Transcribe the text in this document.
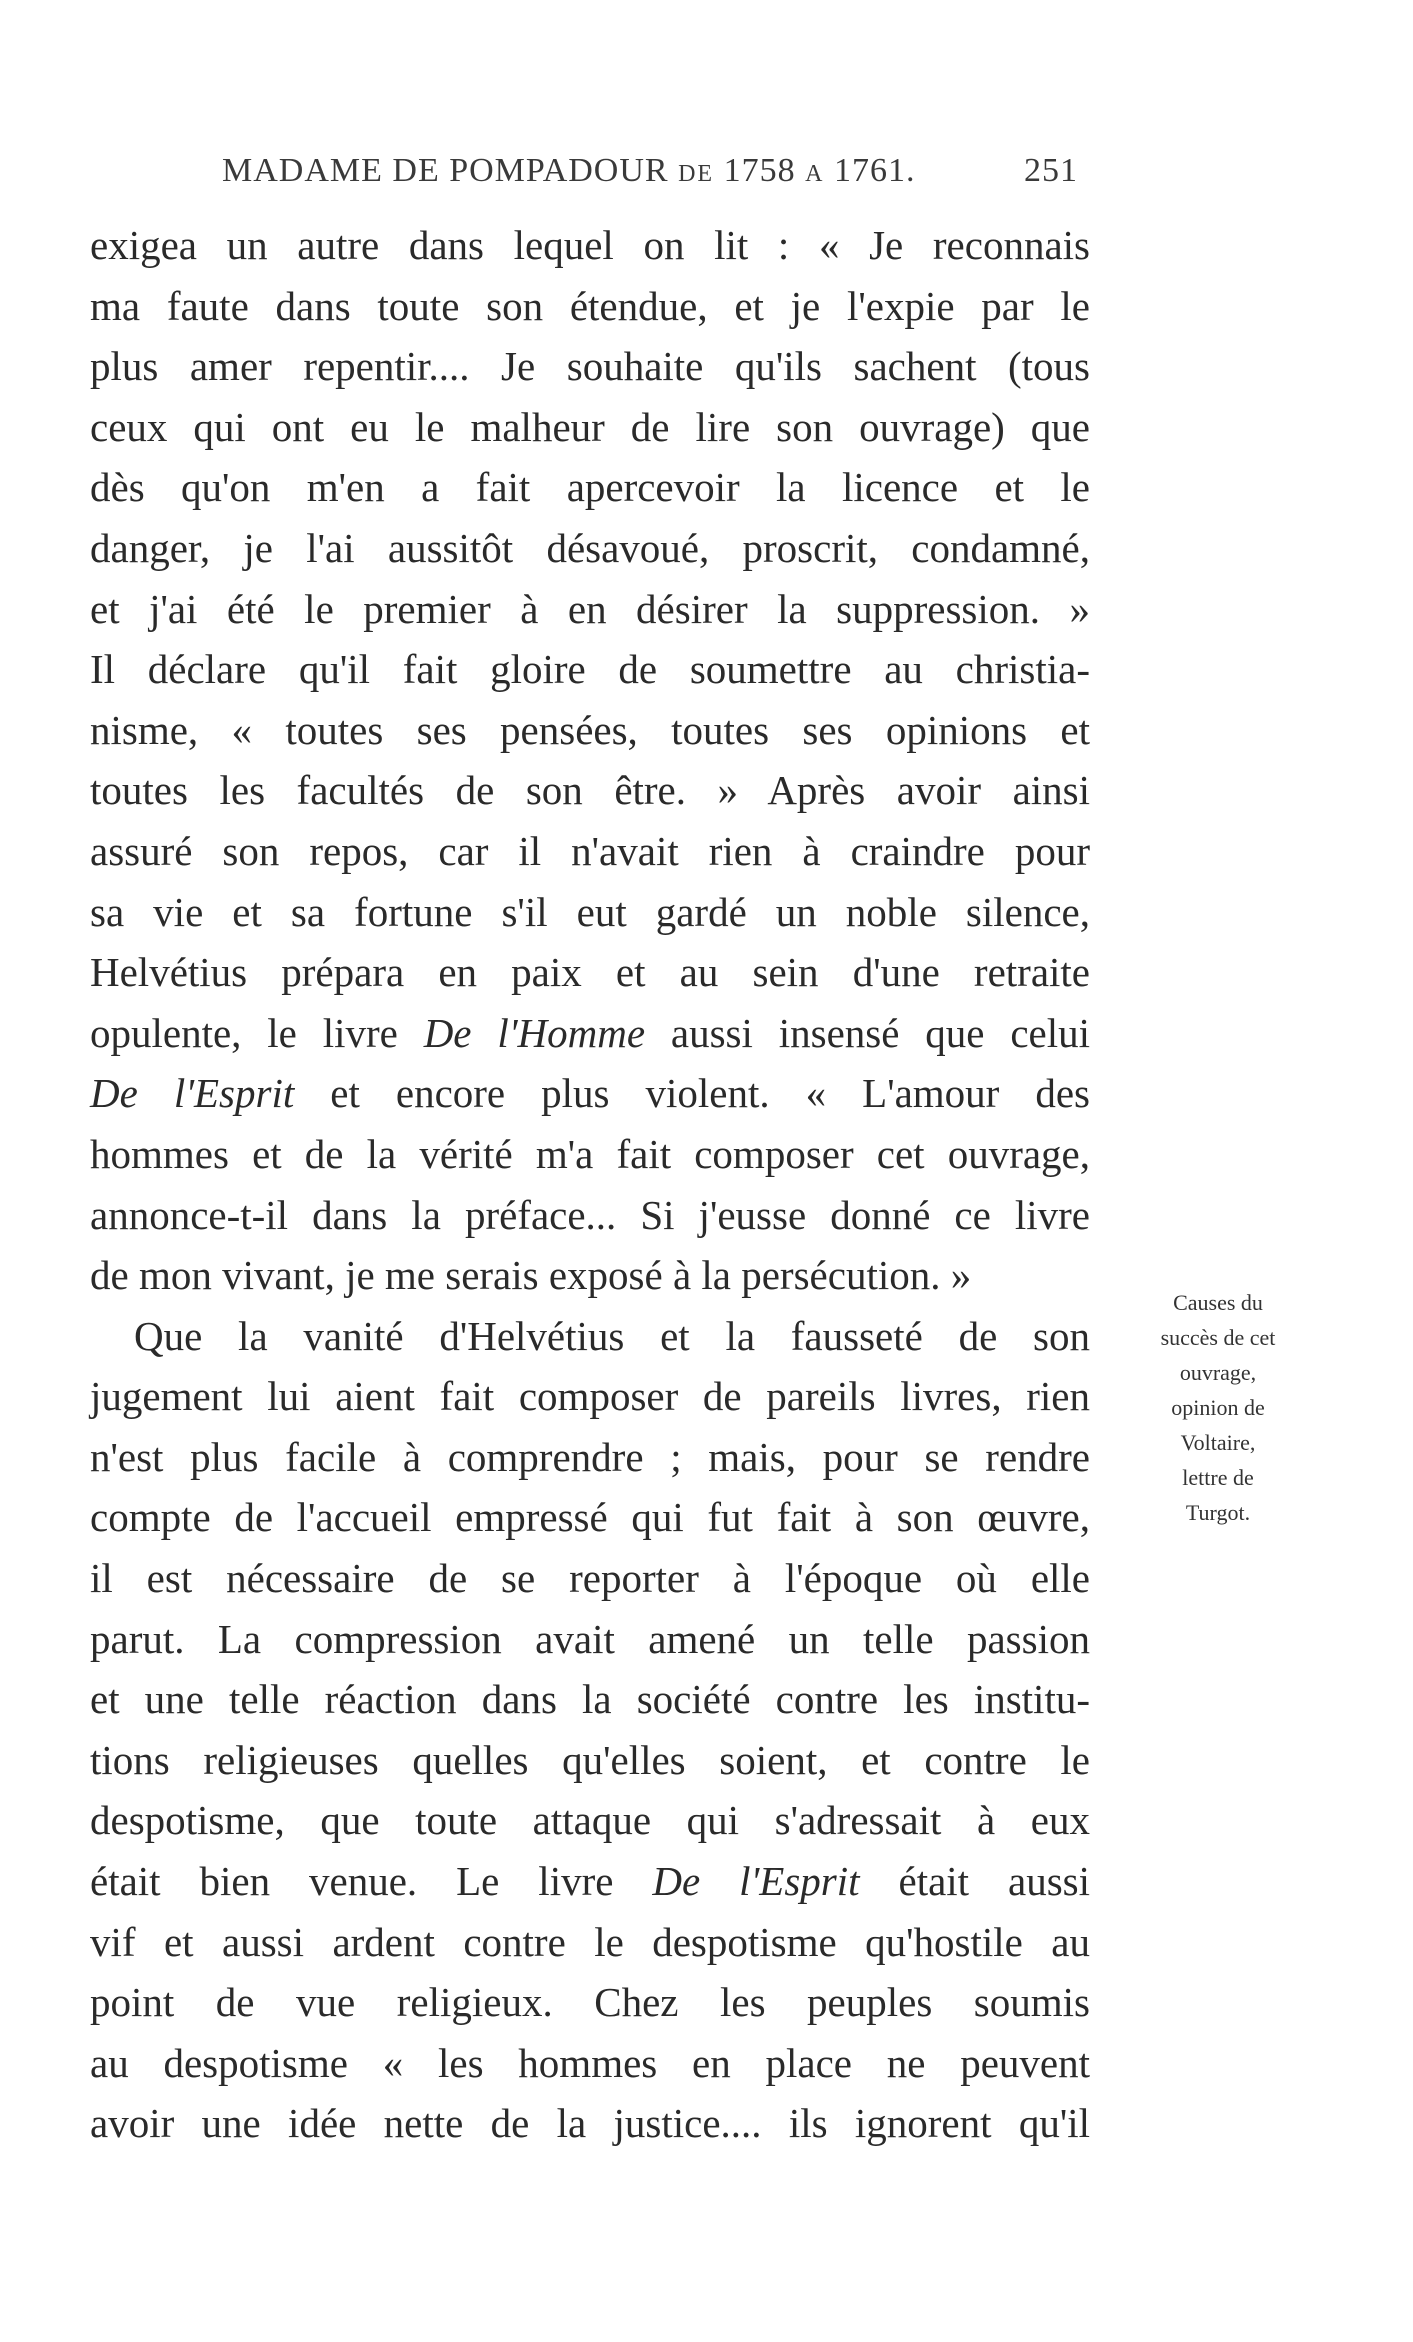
MADAME DE POMPADOUR DE 1758 A 1761.	251
exigea un autre dans lequel on lit : « Je reconnais
ma faute dans toute son étendue, et je l'expie par le
plus amer repentir.... Je souhaite qu'ils sachent (tous
ceux qui ont eu le malheur de lire son ouvrage) que
dès qu'on m'en a fait apercevoir la licence et le
danger, je l'ai aussitôt désavoué, proscrit, condamné,
et j'ai été le premier à en désirer la suppression. »
Il déclare qu'il fait gloire de soumettre au christia-
nisme, « toutes ses pensées, toutes ses opinions et
toutes les facultés de son être. » Après avoir ainsi
assuré son repos, car il n'avait rien à craindre pour
sa vie et sa fortune s'il eut gardé un noble silence,
Helvétius prépara en paix et au sein d'une retraite
opulente, le livre De l'Homme aussi insensé que celui
De l'Esprit et encore plus violent. « L'amour des
hommes et de la vérité m'a fait composer cet ouvrage,
annonce-t-il dans la préface... Si j'eusse donné ce livre
de mon vivant, je me serais exposé à la persécution. »
Que la vanité d'Helvétius et la fausseté de son
jugement lui aient fait composer de pareils livres, rien
n'est plus facile à comprendre ; mais, pour se rendre
compte de l'accueil empressé qui fut fait à son œuvre,
il est nécessaire de se reporter à l'époque où elle
parut. La compression avait amené un telle passion
et une telle réaction dans la société contre les institu-
tions religieuses quelles qu'elles soient, et contre le
despotisme, que toute attaque qui s'adressait à eux
était bien venue. Le livre De l'Esprit était aussi
vif et aussi ardent contre le despotisme qu'hostile au
point de vue religieux. Chez les peuples soumis
au despotisme « les hommes en place ne peuvent
avoir une idée nette de la justice.... ils ignorent qu'il
Causes du
succès de cet
ouvrage,
opinion de
Voltaire,
lettre de
Turgot.
